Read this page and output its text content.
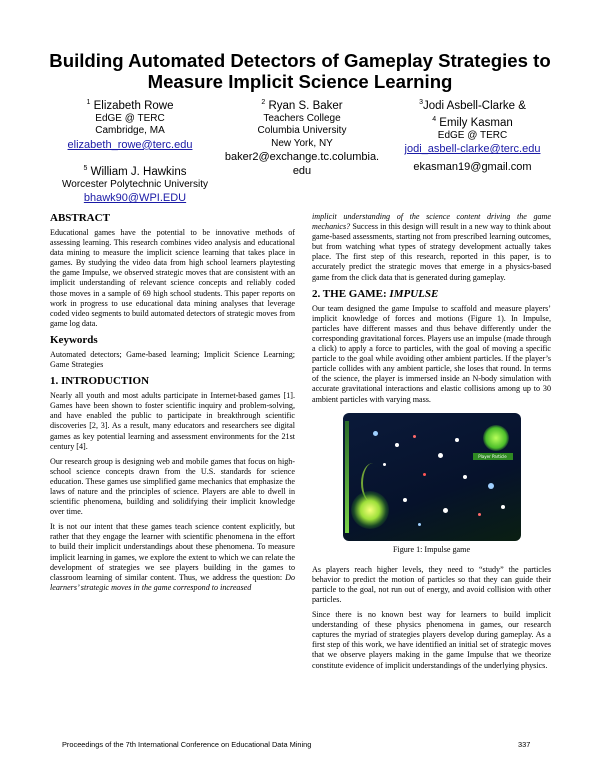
Building Automated Detectors of Gameplay Strategies to
Measure Implicit Science Learning
$^1$ Elizabeth Rowe
EdGE @ TERC
Cambridge, MA
elizabeth_rowe@terc.edu
$^2$ Ryan S. Baker
Teachers College
Columbia University
New York, NY
baker2@exchange.tc.columbia.
edu
$^3$Jodi Asbell-Clarke &
$^4$ Emily Kasman
EdGE @ TERC
jodi_asbell-clarke@terc.edu
ekasman19@gmail.com
$^5$ William J. Hawkins
Worcester Polytechnic University
bhawk90@WPI.EDU
ABSTRACT

Educational games have the potential to be innovative methods of assessing learning. This research combines video analysis and educational data mining to measure the implicit science learning that takes place in games. By studying the video data from high school learners playtesting the game Impulse, we observed strategic moves that are consistent with an implicit understanding of relevant science concepts and reliably coded those moves in a sample of 69 high school students. This paper reports on work in progress to use educational data mining analyses that leverage coded video segments to build automated detectors of strategic moves from game log data.

Keywords

Automated detectors; Game-based learning; Implicit Science Learning; Game Strategies

1. INTRODUCTION

Nearly all youth and most adults participate in Internet-based games [1]. Games have been shown to foster scientific inquiry and problem-solving, and have enabled the public to participate in breakthrough scientific discoveries [2, 3]. As a result, many educators and researchers see digital games as key potential learning and assessment environments for the 21st century [4].

Our research group is designing web and mobile games that focus on high-school science concepts drawn from the U.S. standards for science education. These games use simplified game mechanics that emphasize the laws of nature and the principles of science. Players are able to dwell in scientific phenomena, building and solidifying their implicit knowledge over time.

It is not our intent that these games teach science content explicitly, but rather that they engage the learner with scientific phenomena in the effort to build their implicit understandings about these phenomena. To measure implicit learning in games, we explore the extent to which we can relate the development of strategies we see players building in the games to classroom learning of similar content. Thus, we address the question: Do learners’ strategic moves in the game correspond to increased

implicit understanding of the science content driving the game mechanics? Success in this design will result in a new way to think about game-based assessments, starting not from prescribed learning outcomes, but from watching what types of strategy development actually takes place. The first step of this research, reported in this paper, is to accurately predict the strategic moves that emerge in a physics-based game from the click data that is generated during gameplay.

2. THE GAME: IMPULSE

Our team designed the game Impulse to scaffold and measure players’ implicit knowledge of forces and motions (Figure 1). In Impulse, particles have different masses and thus behave differently under the corresponding gravitational forces. Players use an impulse (made through a click) to apply a force to particles, with the goal of moving a specific particle to the goal while avoiding other ambient particles. If the player’s particle collides with any ambient particle, she loses that round. In terms of the science, the player is immersed inside an N-body simulation with accurate gravitational interactions and elastic collisions among up to 30 ambient particles with varying mass.

Player Particle
Figure 1: Impulse game

As players reach higher levels, they need to “study” the particles behavior to predict the motion of particles so that they can guide their particle to the goal, not run out of energy, and avoid collision with other particles.

Since there is no known best way for learners to build implicit understanding of these physics phenomena in games, our research captures the myriad of strategies players develop during gameplay. As a first step of this work, we have identified an initial set of strategic moves that we observe players making in the game Impulse that we theorize constitute evidence of implicit understandings of the underlying physics.

Proceedings of the 7th International Conference on Educational Data Mining	337
